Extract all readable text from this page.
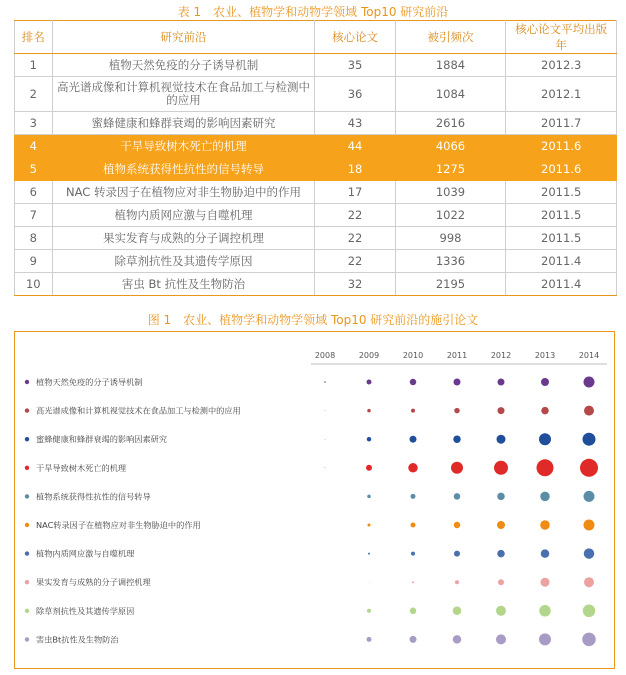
表 1　农业、植物学和动物学领域 Top10 研究前沿
排名	研究前沿	核心论文	被引频次	核心论文平均出版年
1	植物天然免疫的分子诱导机制	35	1884	2012.3
2	高光谱成像和计算机视觉技术在食品加工与检测中的应用	36	1084	2012.1
3	蜜蜂健康和蜂群衰竭的影响因素研究	43	2616	2011.7
4	干旱导致树木死亡的机理	44	4066	2011.6
5	植物系统获得性抗性的信号转导	18	1275	2011.6
6	NAC 转录因子在植物应对非生物胁迫中的作用	17	1039	2011.5
7	植物内质网应激与自噬机理	22	1022	2011.5
8	果实发育与成熟的分子调控机理	22	998	2011.5
9	除草剂抗性及其遗传学原因	22	1336	2011.4
10	害虫 Bt 抗性及生物防治	32	2195	2011.4
图 1　农业、植物学和动物学领域 Top10 研究前沿的施引论文
2008	2009	2010	2011	2012	2013	2014
植物天然免疫的分子诱导机制
高光谱成像和计算机视觉技术在食品加工与检测中的应用
蜜蜂健康和蜂群衰竭的影响因素研究
干旱导致树木死亡的机理
植物系统获得性抗性的信号转导
NAC转录因子在植物应对非生物胁迫中的作用
植物内质网应激与自噬机理
果实发育与成熟的分子调控机理
除草剂抗性及其遗传学原因
害虫Bt抗性及生物防治
